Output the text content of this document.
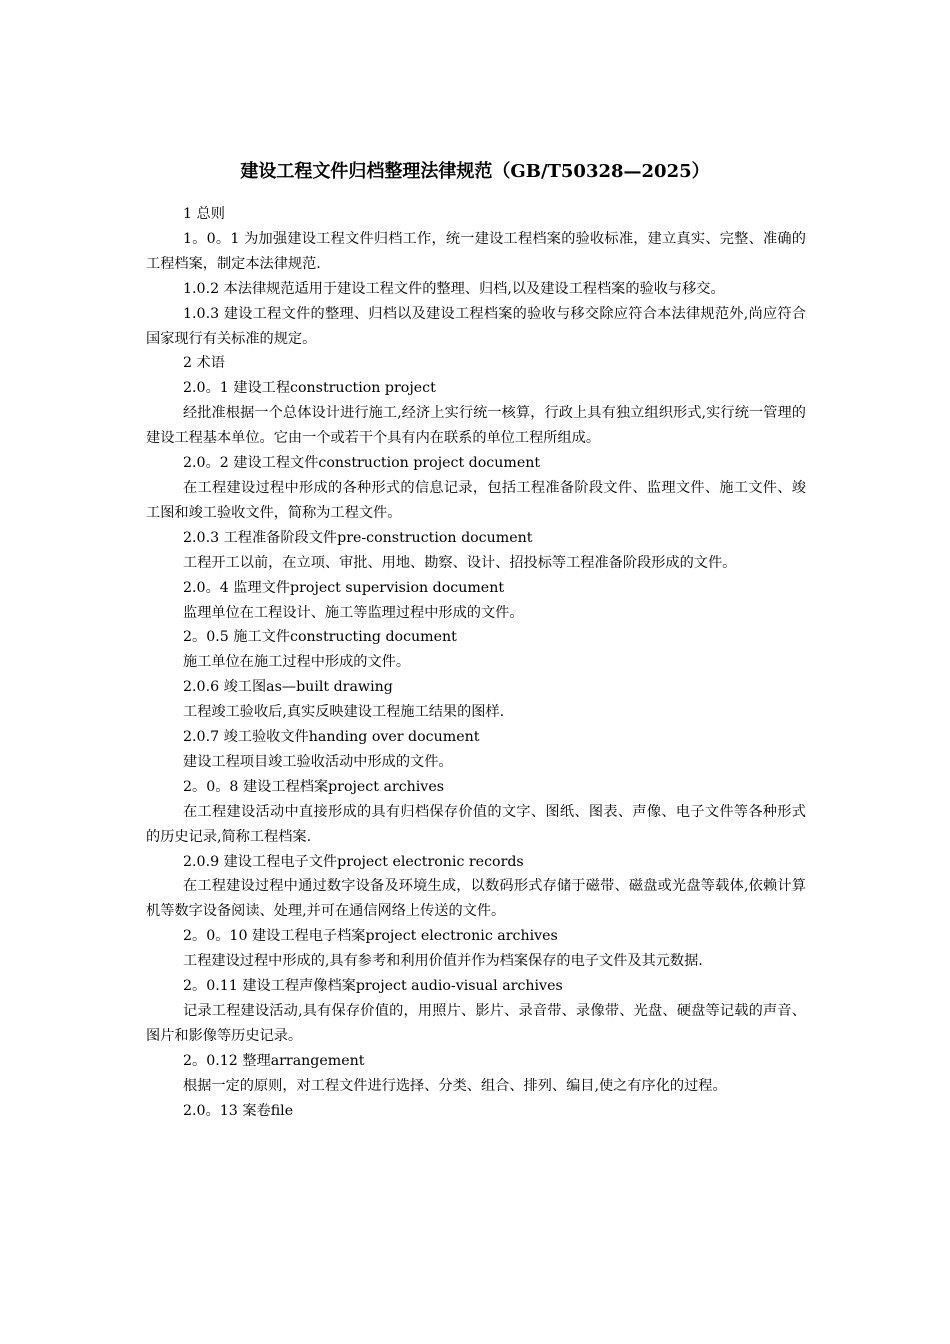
建设工程文件归档整理法律规范（GB/T50328—2025）

1 总则

1。0。1 为加强建设工程文件归档工作，统一建设工程档案的验收标准，建立真实、完整、准确的工程档案，制定本法律规范.

1.0.2 本法律规范适用于建设工程文件的整理、归档,以及建设工程档案的验收与移交。

1.0.3 建设工程文件的整理、归档以及建设工程档案的验收与移交除应符合本法律规范外,尚应符合国家现行有关标准的规定。

2 术语

2.0。1 建设工程construction project

经批准根据一个总体设计进行施工,经济上实行统一核算，行政上具有独立组织形式,实行统一管理的建设工程基本单位。它由一个或若干个具有内在联系的单位工程所组成。

2.0。2 建设工程文件construction project document

在工程建设过程中形成的各种形式的信息记录，包括工程准备阶段文件、监理文件、施工文件、竣工图和竣工验收文件，简称为工程文件。

2.0.3 工程准备阶段文件pre-construction document

工程开工以前，在立项、审批、用地、勘察、设计、招投标等工程准备阶段形成的文件。

2.0。4 监理文件project supervision document

监理单位在工程设计、施工等监理过程中形成的文件。

2。0.5 施工文件constructing document

施工单位在施工过程中形成的文件。

2.0.6 竣工图as—built drawing

工程竣工验收后,真实反映建设工程施工结果的图样.

2.0.7 竣工验收文件handing over document

建设工程项目竣工验收活动中形成的文件。

2。0。8 建设工程档案project archives

在工程建设活动中直接形成的具有归档保存价值的文字、图纸、图表、声像、电子文件等各种形式的历史记录,简称工程档案.

2.0.9 建设工程电子文件project electronic records

在工程建设过程中通过数字设备及环境生成，以数码形式存储于磁带、磁盘或光盘等载体,依赖计算机等数字设备阅读、处理,并可在通信网络上传送的文件。

2。0。10 建设工程电子档案project electronic archives

工程建设过程中形成的,具有参考和利用价值并作为档案保存的电子文件及其元数据.

2。0.11 建设工程声像档案project audio-visual archives

记录工程建设活动,具有保存价值的，用照片、影片、录音带、录像带、光盘、硬盘等记载的声音、图片和影像等历史记录。

2。0.12 整理arrangement

根据一定的原则，对工程文件进行选择、分类、组合、排列、编目,使之有序化的过程。

2.0。13 案卷file
